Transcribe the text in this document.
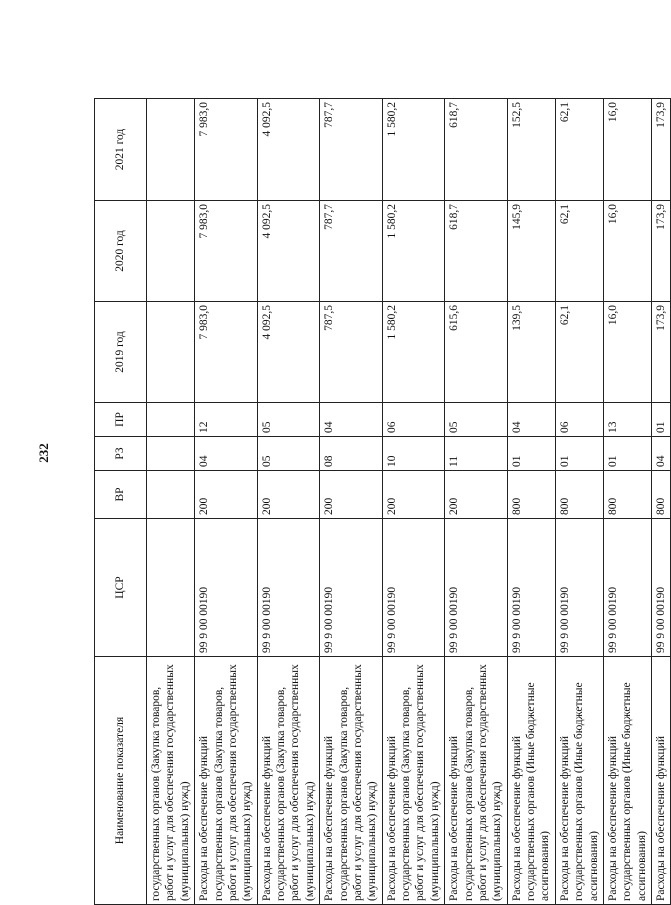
232
Наименование показателя	ЦСР	ВР	РЗ	ПР	2019 год	2020 год	2021 год
государственных органов (Закупка товаров, работ и услуг для обеспечения государственных (муниципальных) нужд)							
Расходы на обеспечение функций государственных органов (Закупка товаров, работ и услуг для обеспечения государственных (муниципальных) нужд)	99 9 00 00190	200	04	12	7 983,0	7 983,0	7 983,0
Расходы на обеспечение функций государственных органов (Закупка товаров, работ и услуг для обеспечения государственных (муниципальных) нужд)	99 9 00 00190	200	05	05	4 092,5	4 092,5	4 092,5
Расходы на обеспечение функций государственных органов (Закупка товаров, работ и услуг для обеспечения государственных (муниципальных) нужд)	99 9 00 00190	200	08	04	787,5	787,7	787,7
Расходы на обеспечение функций государственных органов (Закупка товаров, работ и услуг для обеспечения государственных (муниципальных) нужд)	99 9 00 00190	200	10	06	1 580,2	1 580,2	1 580,2
Расходы на обеспечение функций государственных органов (Закупка товаров, работ и услуг для обеспечения государственных (муниципальных) нужд)	99 9 00 00190	200	11	05	615,6	618,7	618,7
Расходы на обеспечение функций государственных органов (Иные бюджетные ассигнования)	99 9 00 00190	800	01	04	139,5	145,9	152,5
Расходы на обеспечение функций государственных органов (Иные бюджетные ассигнования)	99 9 00 00190	800	01	06	62,1	62,1	62,1
Расходы на обеспечение функций государственных органов (Иные бюджетные ассигнования)	99 9 00 00190	800	01	13	16,0	16,0	16,0
Расходы на обеспечение функций	99 9 00 00190	800	04	01	173,9	173,9	173,9
